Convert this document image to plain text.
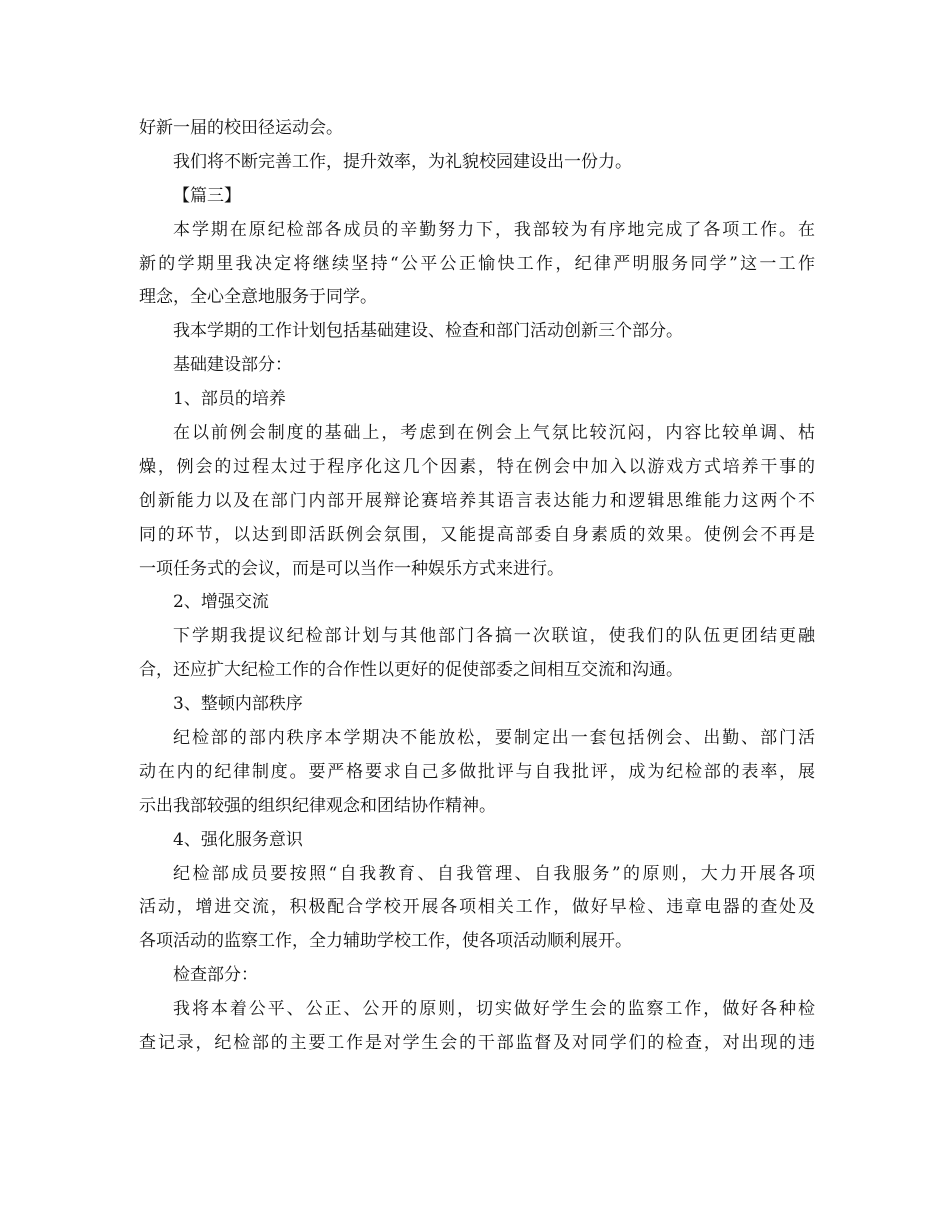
好新一届的校田径运动会。
我们将不断完善工作，提升效率，为礼貌校园建设出一份力。
【篇三】
本学期在原纪检部各成员的辛勤努力下，我部较为有序地完成了各项工作。在
新的学期里我决定将继续坚持“公平公正愉快工作，纪律严明服务同学”这一工作
理念，全心全意地服务于同学。
我本学期的工作计划包括基础建设、检查和部门活动创新三个部分。
基础建设部分：
1、部员的培养
在以前例会制度的基础上，考虑到在例会上气氛比较沉闷，内容比较单调、枯
燥，例会的过程太过于程序化这几个因素，特在例会中加入以游戏方式培养干事的
创新能力以及在部门内部开展辩论赛培养其语言表达能力和逻辑思维能力这两个不
同的环节，以达到即活跃例会氛围，又能提高部委自身素质的效果。使例会不再是
一项任务式的会议，而是可以当作一种娱乐方式来进行。
2、增强交流
下学期我提议纪检部计划与其他部门各搞一次联谊，使我们的队伍更团结更融
合，还应扩大纪检工作的合作性以更好的促使部委之间相互交流和沟通。
3、整顿内部秩序
纪检部的部内秩序本学期决不能放松，要制定出一套包括例会、出勤、部门活
动在内的纪律制度。要严格要求自己多做批评与自我批评，成为纪检部的表率，展
示出我部较强的组织纪律观念和团结协作精神。
4、强化服务意识
纪检部成员要按照“自我教育、自我管理、自我服务”的原则，大力开展各项
活动，增进交流，积极配合学校开展各项相关工作，做好早检、违章电器的查处及
各项活动的监察工作，全力辅助学校工作，使各项活动顺利展开。
检查部分：
我将本着公平、公正、公开的原则，切实做好学生会的监察工作，做好各种检
查记录，纪检部的主要工作是对学生会的干部监督及对同学们的检查，对出现的违
